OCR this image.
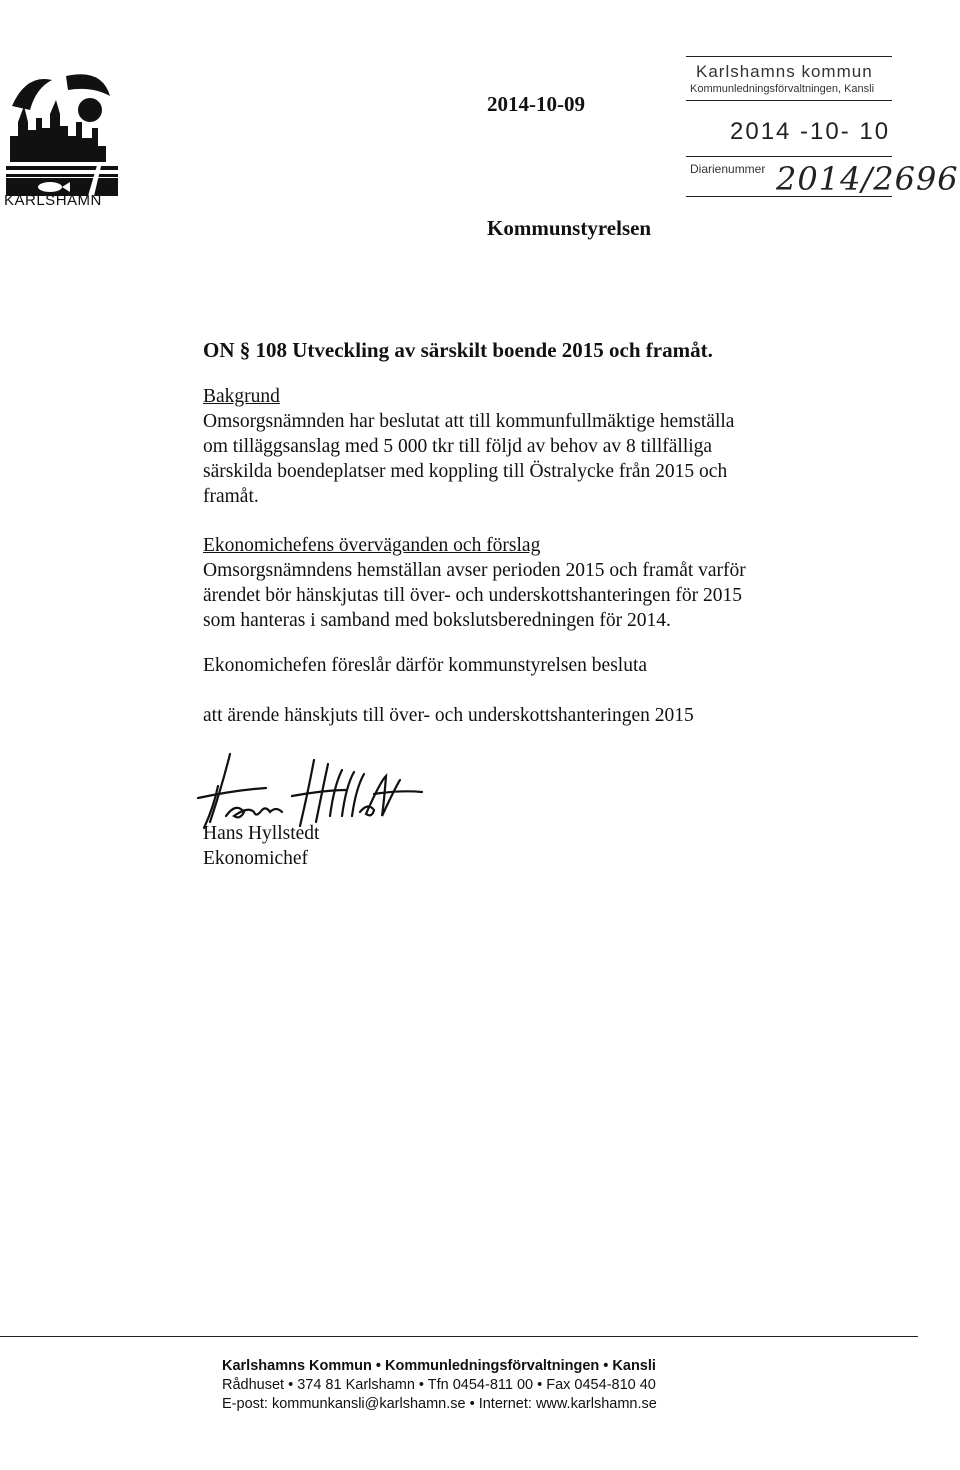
KARLSHAMN
2014-10-09
Kommunstyrelsen
Karlshamns kommun
Kommunledningsförvaltningen, Kansli
2014 -10- 10
Diarienummer 2014/2696
ON § 108 Utveckling av särskilt boende 2015 och framåt.
Bakgrund
Omsorgsnämnden har beslutat att till kommunfullmäktige hemställa
om tilläggsanslag med 5 000 tkr till följd av behov av 8 tillfälliga
särskilda boendeplatser med koppling till Östralycke från 2015 och
framåt.
Ekonomichefens överväganden och förslag
Omsorgsnämndens hemställan avser perioden 2015 och framåt varför
ärendet bör hänskjutas till över- och underskottshanteringen för 2015
som hanteras i samband med bokslutsberedningen för 2014.
Ekonomichefen föreslår därför kommunstyrelsen besluta
att ärende hänskjuts till över- och underskottshanteringen 2015
Hans Hyllstedt
Ekonomichef
Karlshamns Kommun • Kommunledningsförvaltningen • Kansli
Rådhuset • 374 81 Karlshamn • Tfn 0454-811 00 • Fax 0454-810 40
E-post: kommunkansli@karlshamn.se • Internet: www.karlshamn.se
